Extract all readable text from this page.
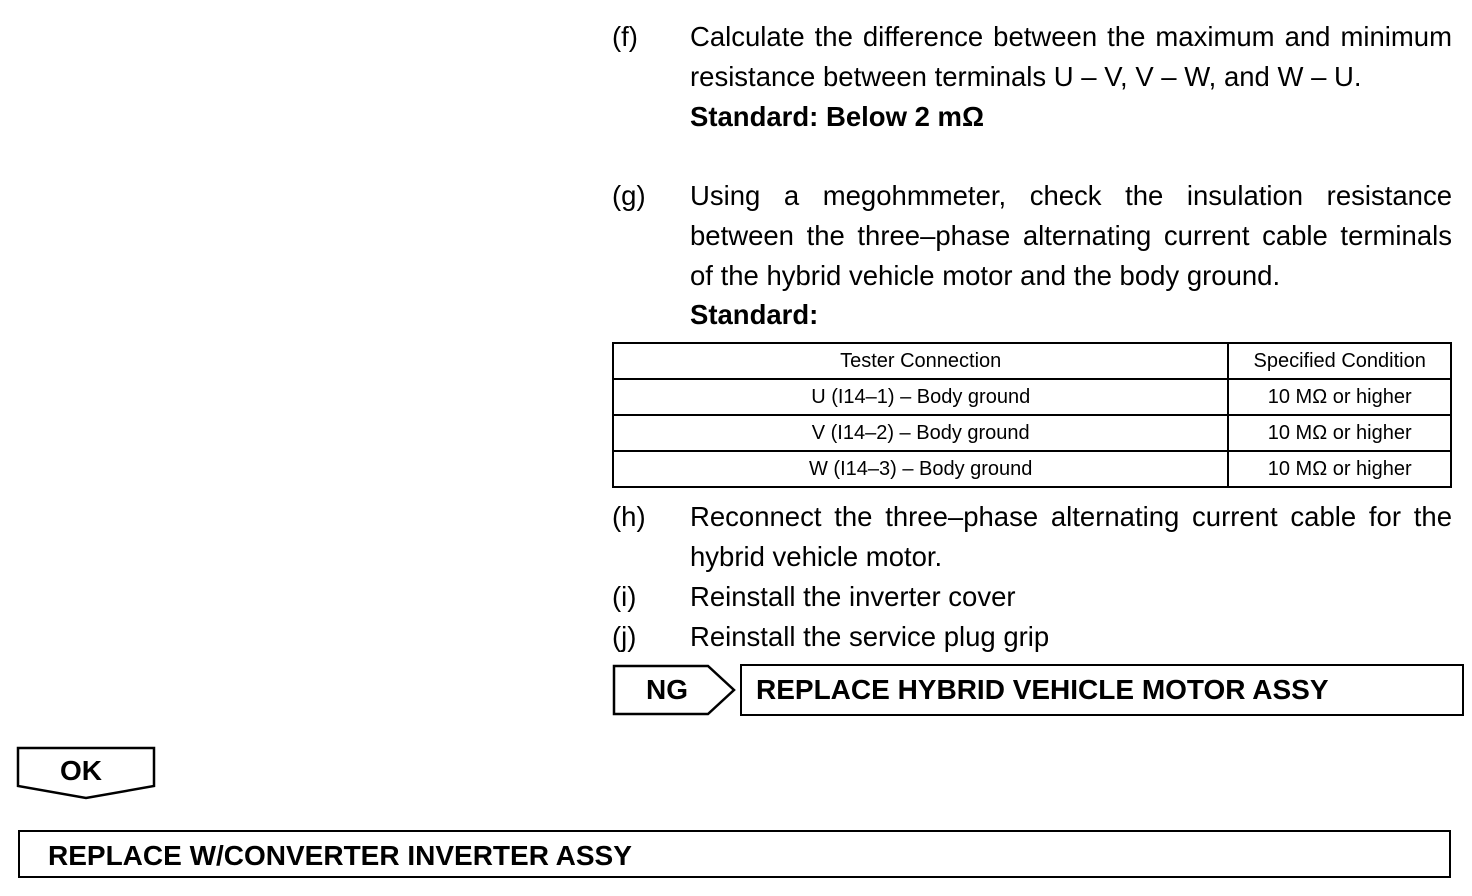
(f) Calculate the difference between the maximum and minimum resistance between terminals U – V, V – W, and W – U.
Standard: Below 2 mΩ
(g) Using a megohmmeter, check the insulation resistance between the three–phase alternating current cable terminals of the hybrid vehicle motor and the body ground.
Standard:
Tester Connection	Specified Condition
U (I14–1) – Body ground	10 MΩ or higher
V (I14–2) – Body ground	10 MΩ or higher
W (I14–3) – Body ground	10 MΩ or higher
(h) Reconnect the three–phase alternating current cable for the hybrid vehicle motor.
(i) Reinstall the inverter cover
(j) Reinstall the service plug grip
NG	REPLACE HYBRID VEHICLE MOTOR ASSY
OK
REPLACE W/CONVERTER INVERTER ASSY
